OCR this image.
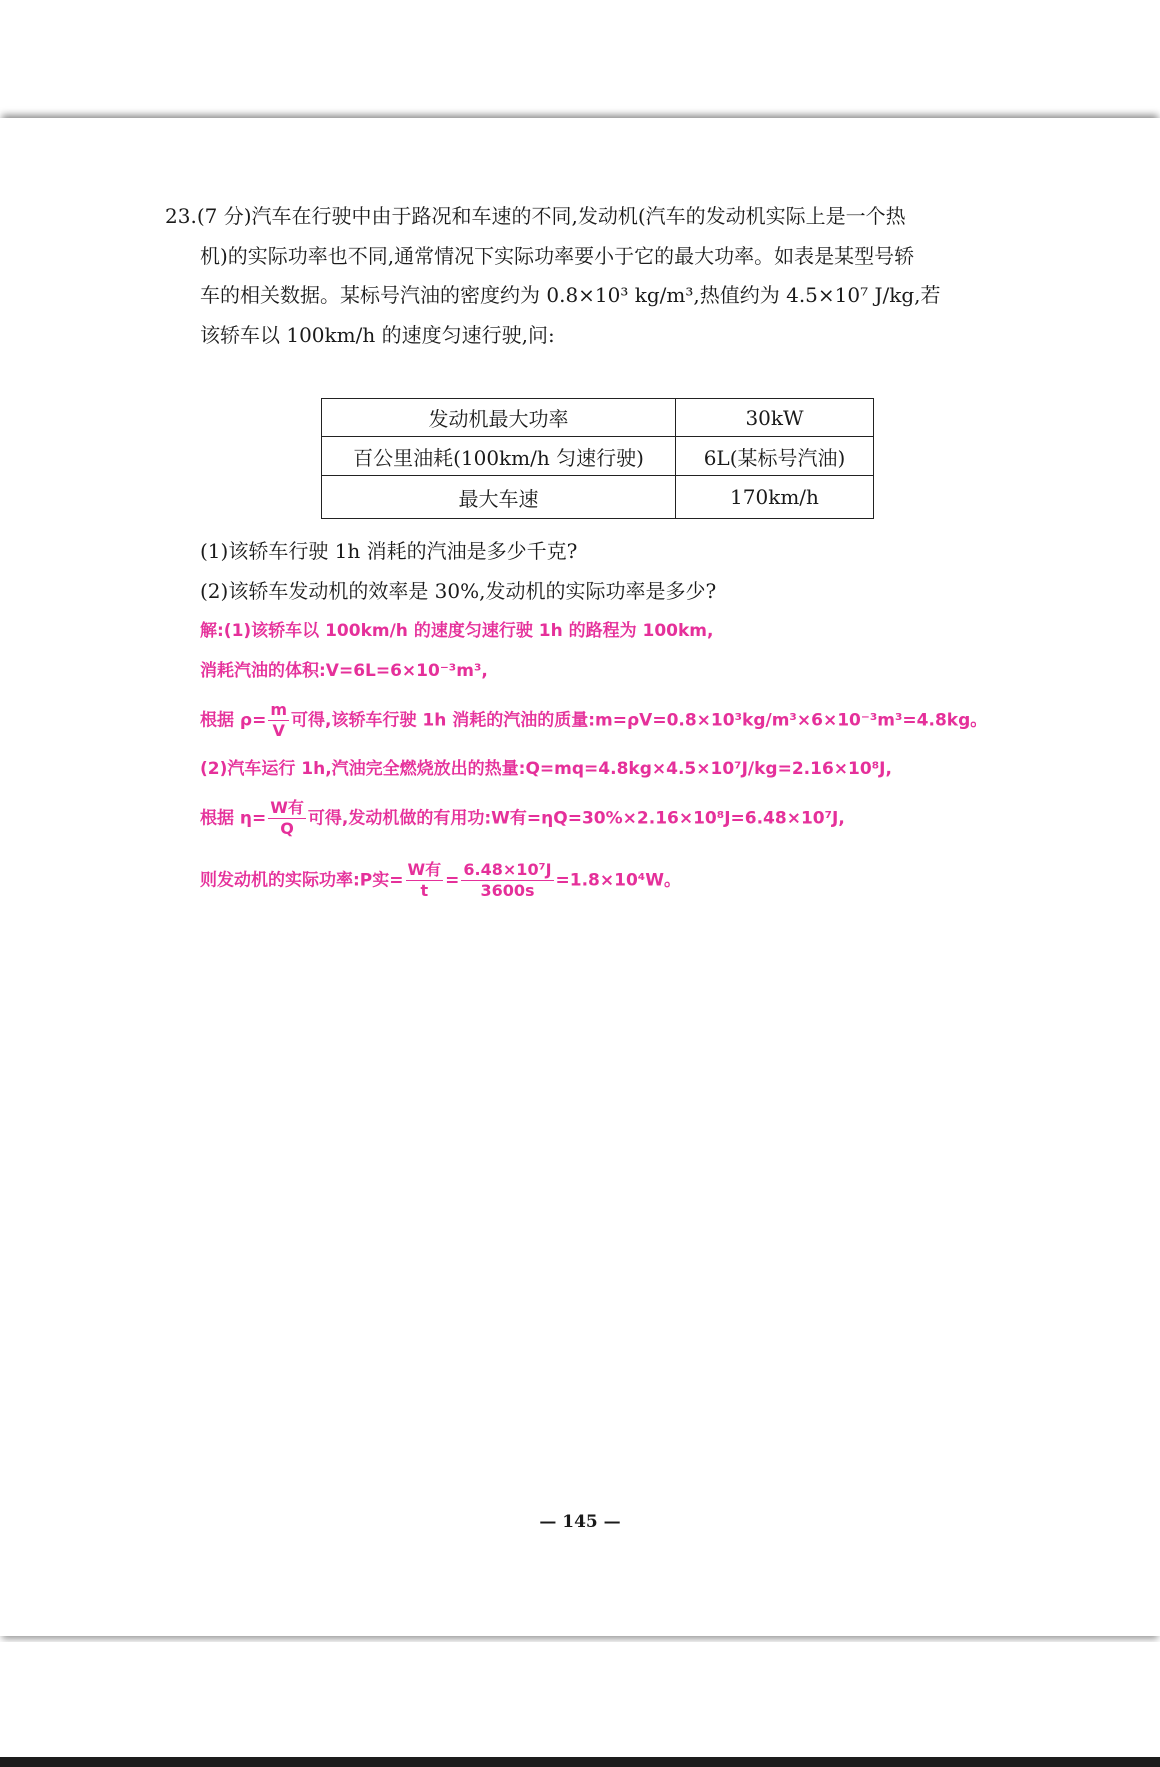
23.(7 分)汽车在行驶中由于路况和车速的不同,发动机(汽车的发动机实际上是一个热
机)的实际功率也不同,通常情况下实际功率要小于它的最大功率。如表是某型号轿
车的相关数据。某标号汽油的密度约为 0.8×10³ kg/m³,热值约为 4.5×10⁷ J/kg,若
该轿车以 100km/h 的速度匀速行驶,问:
发动机最大功率	30kW
百公里油耗(100km/h 匀速行驶)	6L(某标号汽油)
最大车速	170km/h
(1)该轿车行驶 1h 消耗的汽油是多少千克?
(2)该轿车发动机的效率是 30%,发动机的实际功率是多少?
解:(1)该轿车以 100km/h 的速度匀速行驶 1h 的路程为 100km,
消耗汽油的体积:V=6L=6×10⁻³m³,
根据 $\rho= \frac{m}{V}$ 可得,该轿车行驶 1h 消耗的汽油的质量:m=ρV=0.8×10³kg/m³×6×10⁻³m³=4.8kg。
(2)汽车运行 1h,汽油完全燃烧放出的热量:Q=mq=4.8kg×4.5×10⁷J/kg=2.16×10⁸J,
根据 $\eta= \frac{\text{W有}}{Q}$ 可得,发动机做的有用功:W有=ηQ=30%×2.16×10⁸J=6.48×10⁷J,
则发动机的实际功率:P实= $\frac{\text{W有}}{t} = \frac{\text{6.48×10⁷J}}{3600s} =1.8\times 10^4W$。
— 145 —
